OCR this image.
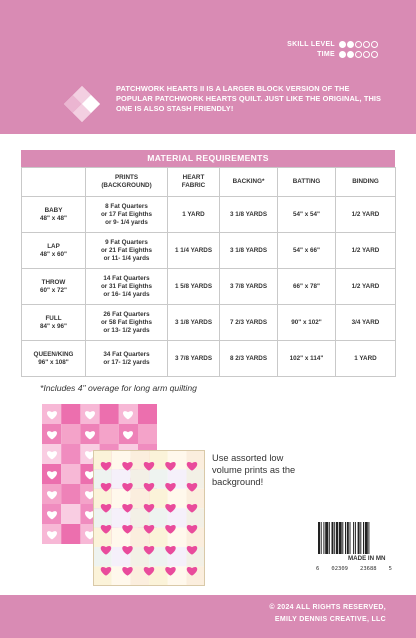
SKILL LEVEL
TIME
PATCHWORK HEARTS II IS A LARGER BLOCK VERSION OF THE POPULAR PATCHWORK HEARTS QUILT. JUST LIKE THE ORIGINAL, THIS ONE IS ALSO STASH FRIENDLY!
MATERIAL REQUIREMENTS

	PRINTS
(BACKGROUND)	HEART
FABRIC	BACKING*	BATTING	BINDING

BABY
48" x 48"	8 Fat Quarters
or 17 Fat Eighths
or 9- 1/4 yards	1 YARD	3 1/8 YARDS	54" x 54"	1/2 YARD

LAP
48" x 60"	9 Fat Quarters
or 21 Fat Eighths
or 11- 1/4 yards	1 1/4 YARDS	3 1/8 YARDS	54" x 66"	1/2 YARD

THROW
60" x 72"	14 Fat Quarters
or 31 Fat Eighths
or 16- 1/4 yards	1 5/8 YARDS	3 7/8 YARDS	66" x 78"	1/2 YARD

FULL
84" x 96"	26 Fat Quarters
or 58 Fat Eighths
or 13- 1/2 yards	3 1/8 YARDS	7 2/3 YARDS	90" x 102"	3/4 YARD

QUEEN/KING
96" x 108"	34 Fat Quarters
or 17- 1/2 yards	3 7/8 YARDS	8 2/3 YARDS	102" x 114"	1 YARD
*Includes 4" overage for long arm quilting
Use assorted low volume prints as the background!
MADE IN MN
6 02309 23688 5
© 2024 ALL RIGHTS RESERVED,
EMILY DENNIS CREATIVE, LLC
